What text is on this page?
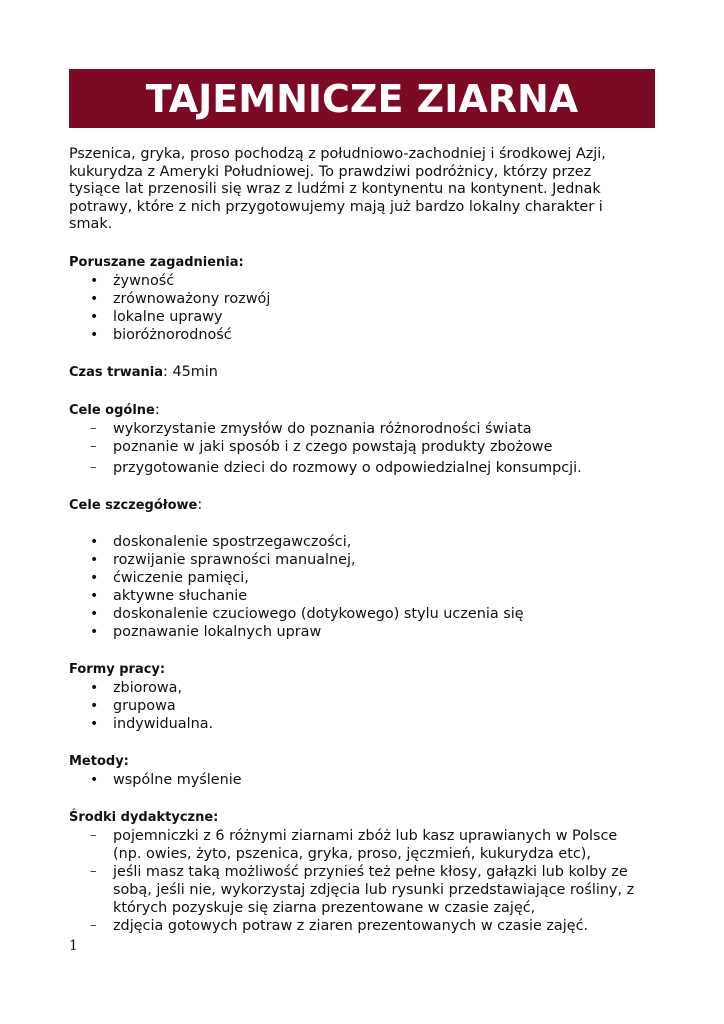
TAJEMNICZE ZIARNA

Pszenica, gryka, proso pochodzą z południowo-zachodniej i środkowej Azji,
kukurydza z Ameryki Południowej. To prawdziwi podróżnicy, którzy przez
tysiące lat przenosili się wraz z ludźmi z kontynentu na kontynent. Jednak
potrawy, które z nich przygotowujemy mają już bardzo lokalny charakter i
smak.

Poruszane zagadnienia:

• żywność
• zrównoważony rozwój
• lokalne uprawy
• bioróżnorodność

Czas trwania: 45min

Cele ogólne:

– wykorzystanie zmysłów do poznania różnorodności świata
– poznanie w jaki sposób i z czego powstają produkty zbożowe
– przygotowanie dzieci do rozmowy o odpowiedzialnej konsumpcji.

Cele szczegółowe:

• doskonalenie spostrzegawczości,
• rozwijanie sprawności manualnej,
• ćwiczenie pamięci,
• aktywne słuchanie
• doskonalenie czuciowego (dotykowego) stylu uczenia się
• poznawanie lokalnych upraw

Formy pracy:

• zbiorowa,
• grupowa
• indywidualna.

Metody:

• wspólne myślenie

Środki dydaktyczne:

– pojemniczki z 6 różnymi ziarnami zbóż lub kasz uprawianych w Polsce
(np. owies, żyto, pszenica, gryka, proso, jęczmień, kukurydza etc),
– jeśli masz taką możliwość przynieś też pełne kłosy, gałązki lub kolby ze
sobą, jeśli nie, wykorzystaj zdjęcia lub rysunki przedstawiające rośliny, z
których pozyskuje się ziarna prezentowane w czasie zajęć,
– zdjęcia gotowych potraw z ziaren prezentowanych w czasie zajęć.
1
